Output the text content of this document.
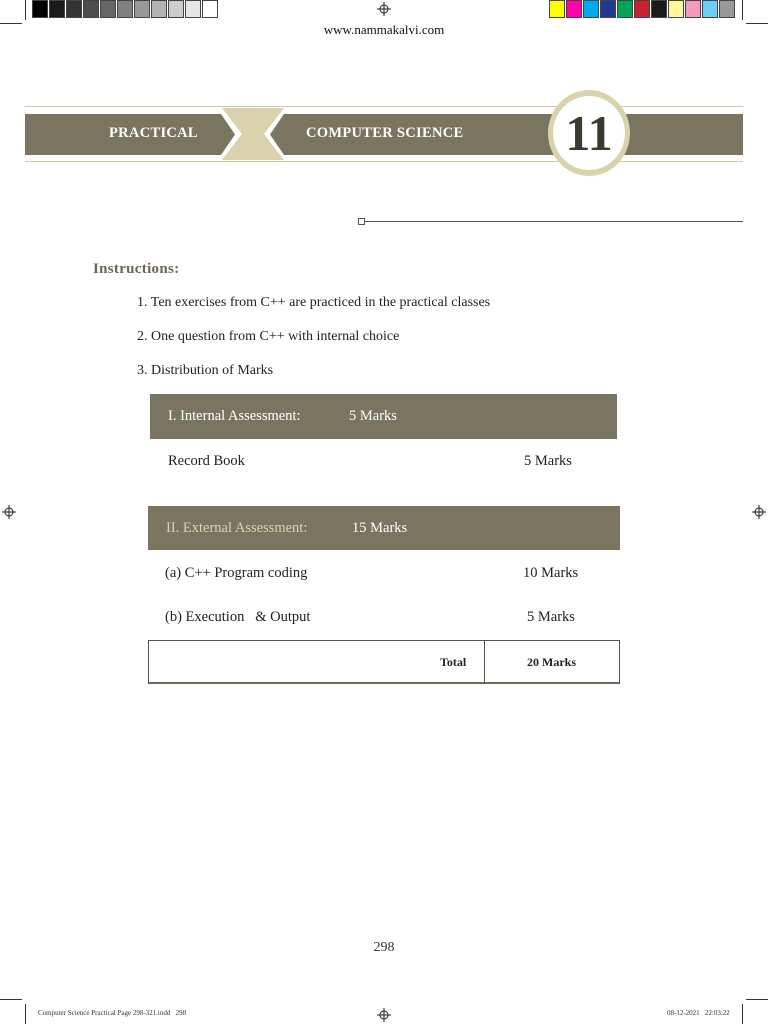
www.nammakalvi.com
PRACTICAL	COMPUTER SCIENCE 11
Instructions:
1. Ten exercises from C++ are practiced in the practical classes
2. One question from C++ with internal choice
3. Distribution of Marks
I. Internal Assessment:	5 Marks
Record Book	5 Marks
II. External Assessment:	15 Marks
(a) C++ Program coding	10 Marks
(b) Execution   & Output	5 Marks
Total	20 Marks
298
Computer Science Practical Page 298-321.indd   298	08-12-2021   22:03:22
